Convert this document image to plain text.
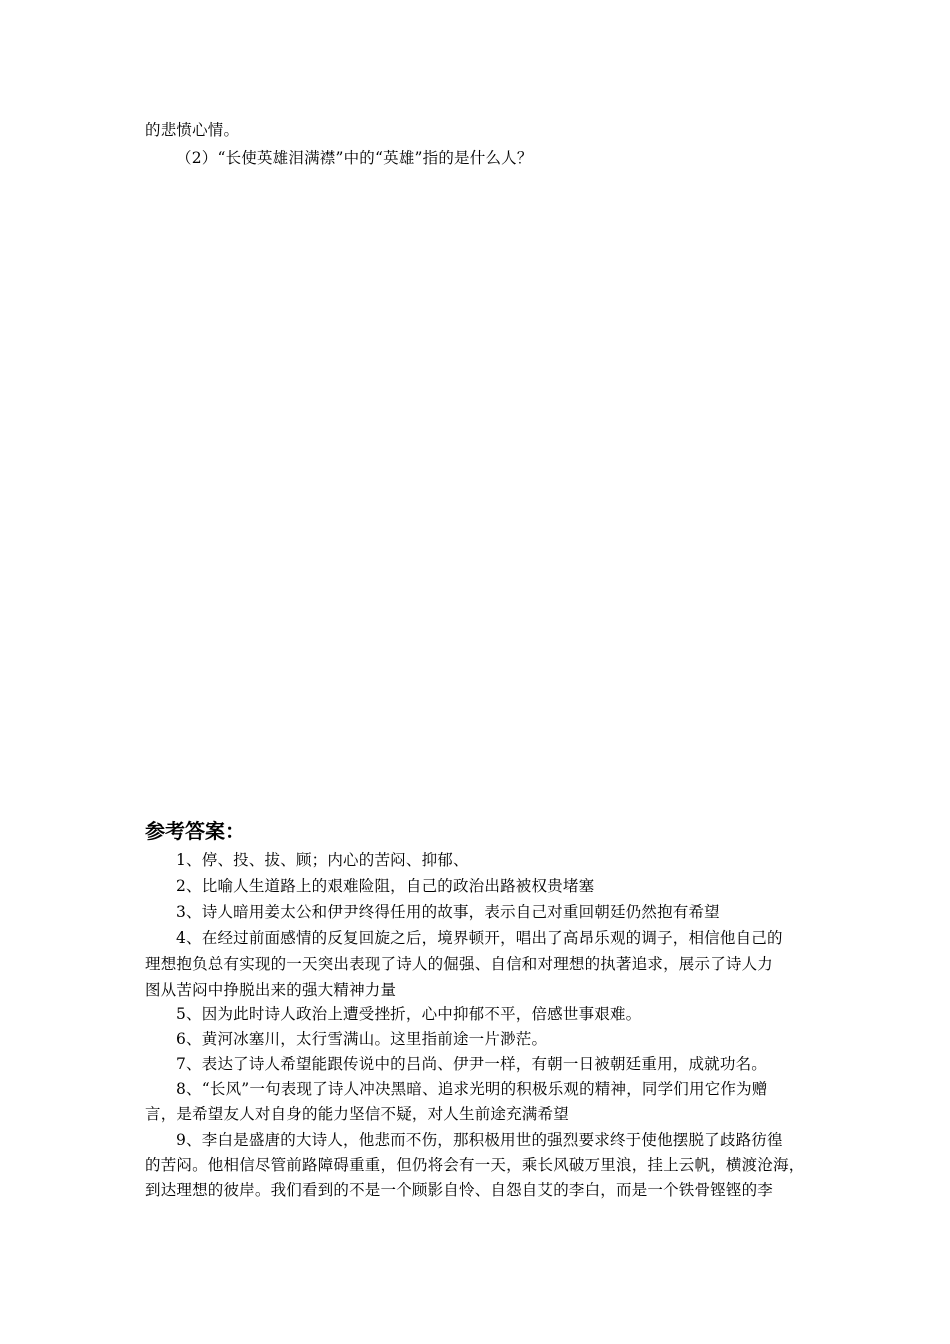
的悲愤心情。
（2）“长使英雄泪满襟”中的“英雄”指的是什么人？
参考答案：
1、停、投、拔、顾；内心的苦闷、抑郁、
2、比喻人生道路上的艰难险阻，自己的政治出路被权贵堵塞
3、诗人暗用姜太公和伊尹终得任用的故事，表示自己对重回朝廷仍然抱有希望
4、在经过前面感情的反复回旋之后，境界顿开，唱出了高昂乐观的调子，相信他自己的
理想抱负总有实现的一天突出表现了诗人的倔强、自信和对理想的执著追求，展示了诗人力
图从苦闷中挣脱出来的强大精神力量
5、因为此时诗人政治上遭受挫折，心中抑郁不平，倍感世事艰难。
6、黄河冰塞川，太行雪满山。这里指前途一片渺茫。
7、表达了诗人希望能跟传说中的吕尚、伊尹一样，有朝一日被朝廷重用，成就功名。
8、“长风”一句表现了诗人冲决黑暗、追求光明的积极乐观的精神，同学们用它作为赠
言，是希望友人对自身的能力坚信不疑，对人生前途充满希望
9、李白是盛唐的大诗人，他悲而不伤，那积极用世的强烈要求终于使他摆脱了歧路彷徨
的苦闷。他相信尽管前路障碍重重，但仍将会有一天，乘长风破万里浪，挂上云帆，横渡沧海，
到达理想的彼岸。我们看到的不是一个顾影自怜、自怨自艾的李白，而是一个铁骨铿铿的李
